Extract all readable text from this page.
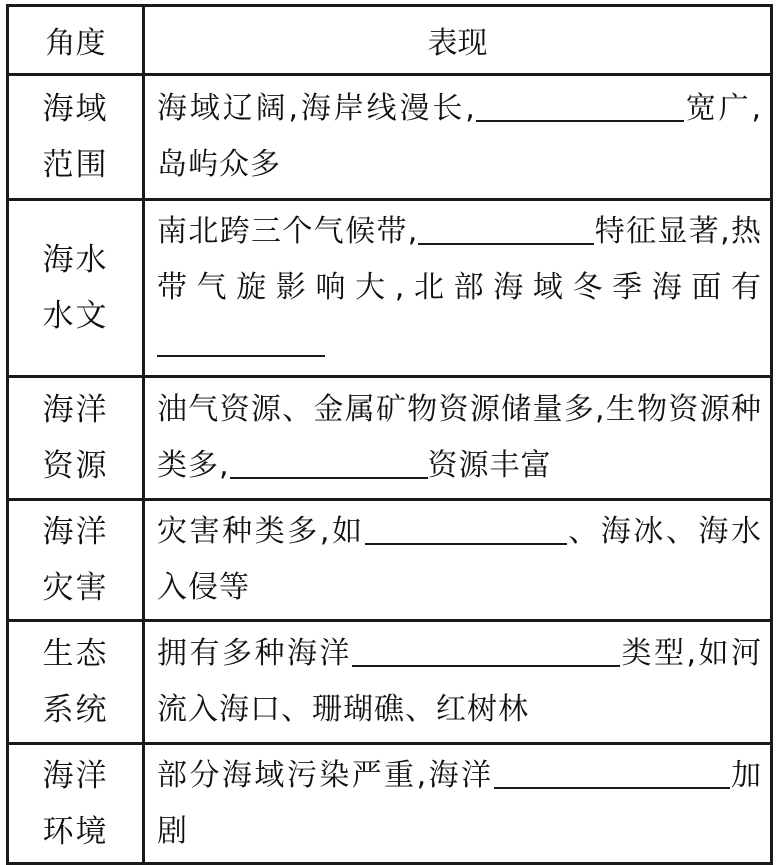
角度	表现

海域
范围	海域辽阔,海岸线漫长, 宽广,岛屿众多

海水
水文	南北跨三个气候带, 特征显著,热带气旋影响大,北部海域冬季海面有

海洋
资源	油气资源、金属矿物资源储量多,生物资源种类多, 资源丰富

海洋
灾害	灾害种类多,如 、海冰、海水入侵等

生态
系统	拥有多种海洋 类型,如河流入海口、珊瑚礁、红树林

海洋
环境	部分海域污染严重,海洋 加剧
